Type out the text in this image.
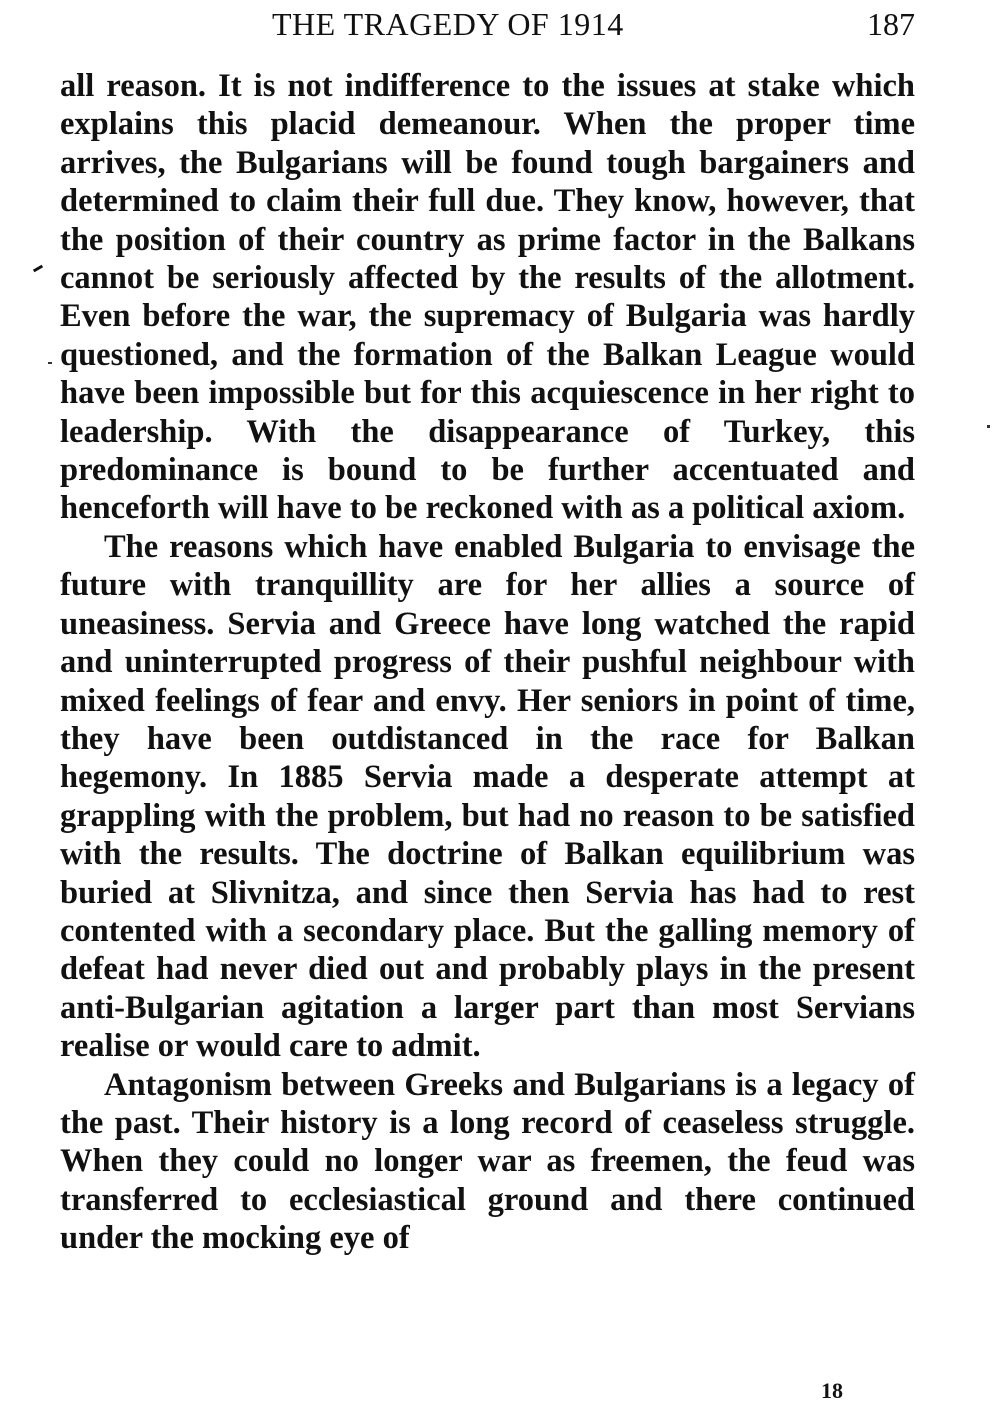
THE TRAGEDY OF 1914	187

all reason. It is not indifference to the issues at stake which explains this placid demeanour. When the proper time arrives, the Bulgarians will be found tough bargainers and determined to claim their full due. They know, however, that the position of their country as prime factor in the Balkans cannot be seriously affected by the results of the allotment. Even before the war, the supremacy of Bulgaria was hardly questioned, and the formation of the Balkan League would have been impossible but for this acquiescence in her right to leadership. With the disappearance of Turkey, this predominance is bound to be further accentuated and henceforth will have to be reckoned with as a political axiom.

The reasons which have enabled Bulgaria to envisage the future with tranquillity are for her allies a source of uneasiness. Servia and Greece have long watched the rapid and uninterrupted progress of their pushful neighbour with mixed feelings of fear and envy. Her seniors in point of time, they have been outdistanced in the race for Balkan hegemony. In 1885 Servia made a desperate attempt at grappling with the problem, but had no reason to be satisfied with the results. The doctrine of Balkan equilibrium was buried at Slivnitza, and since then Servia has had to rest contented with a secondary place. But the galling memory of defeat had never died out and probably plays in the present anti-Bulgarian agitation a larger part than most Servians realise or would care to admit.

Antagonism between Greeks and Bulgarians is a legacy of the past. Their history is a long record of ceaseless struggle. When they could no longer war as freemen, the feud was transferred to ecclesiastical ground and there continued under the mocking eye of

18
